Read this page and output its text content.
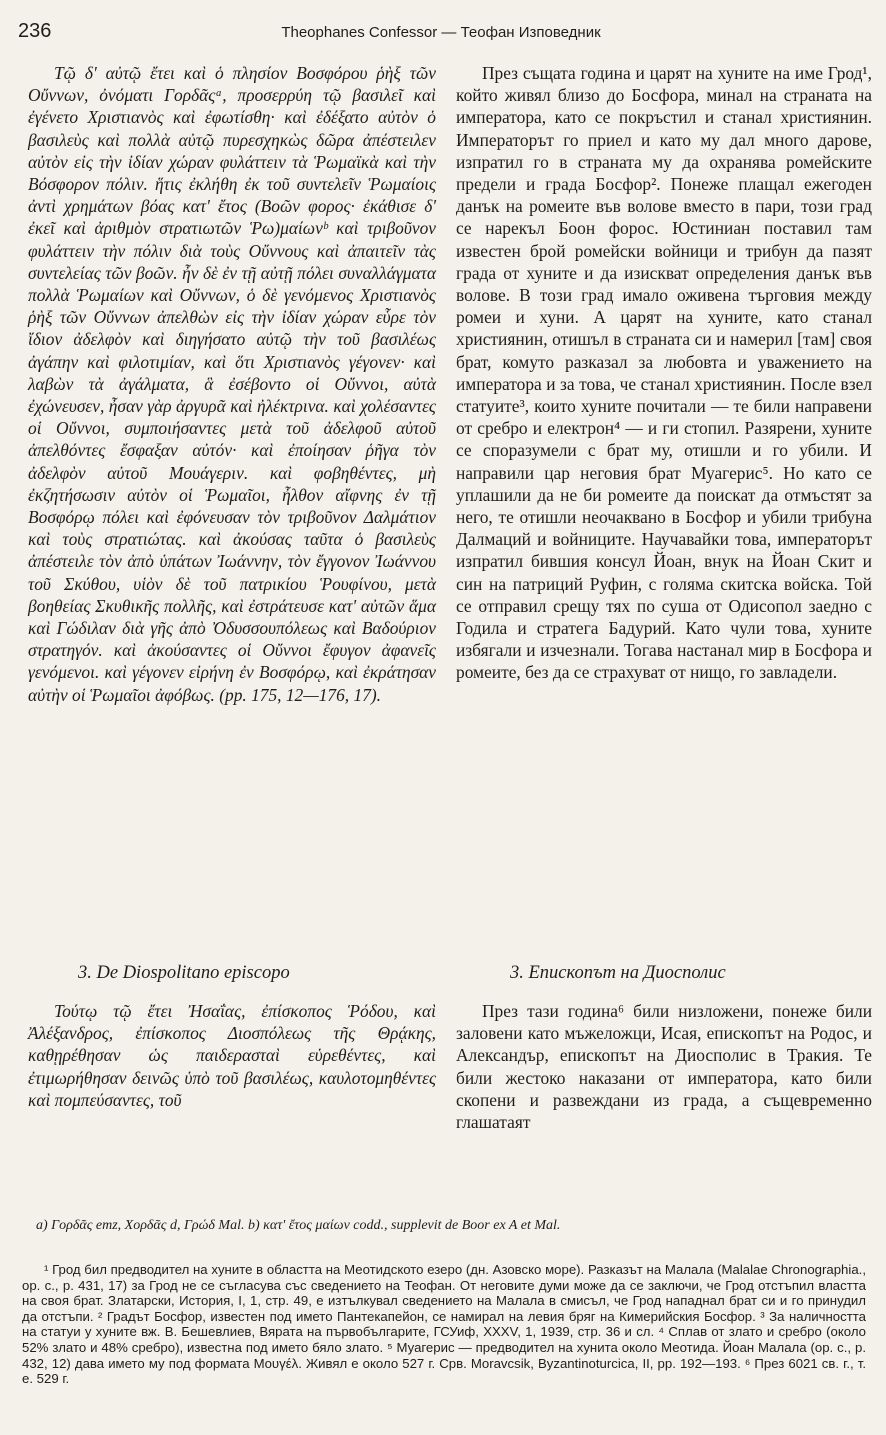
236	Theophanes Confessor — Теофан Изповедник

Τῷ δ' αὐτῷ ἔτει καὶ ὁ πλησίον Βοσφόρου ῥὴξ τῶν Οὔννων, ὀνόματι Γορδᾶςᵃ, προσερρύη τῷ βασιλεῖ καὶ ἐγένετο Χριστιανὸς καὶ ἐφωτίσθη· καὶ ἐδέξατο αὐτὸν ὁ βασιλεὺς καὶ πολλὰ αὐτῷ πυρεσχηκὼς δῶρα ἀπέστειλεν αὐτὸν εἰς τὴν ἰδίαν χώραν φυλάττειν τὰ Ῥωμαϊκὰ καὶ τὴν Βόσφορον πόλιν. ἥτις ἐκλήθη ἐκ τοῦ συντελεῖν Ῥωμαίοις ἀντὶ χρημάτων βόας κατ' ἔτος (Βοῶν φορος· ἐκάθισε δ' ἐκεῖ καὶ ἀριθμὸν στρατιωτῶν Ῥω)μαίωνᵇ καὶ τριβοῦνον φυλάττειν τὴν πόλιν διὰ τοὺς Οὔννους καὶ ἀπαιτεῖν τὰς συντελείας τῶν βοῶν. ἦν δὲ ἐν τῇ αὐτῇ πόλει συναλλάγματα πολλὰ Ῥωμαίων καὶ Οὔννων, ὁ δὲ γενόμενος Χριστιανὸς ῥὴξ τῶν Οὔννων ἀπελθὼν εἰς τὴν ἰδίαν χώραν εὗρε τὸν ἴδιον ἀδελφὸν καὶ διηγήσατο αὐτῷ τὴν τοῦ βασιλέως ἀγάπην καὶ φιλοτιμίαν, καὶ ὅτι Χριστιανὸς γέγονεν· καὶ λαβὼν τὰ ἀγάλματα, ἃ ἐσέβοντο οἱ Οὔννοι, αὐτὰ ἐχώνευσεν, ἦσαν γὰρ ἀργυρᾶ καὶ ἠλέκτρινα. καὶ χολέσαντες οἱ Οὔννοι, συμποιήσαντες μετὰ τοῦ ἀδελφοῦ αὐτοῦ ἀπελθόντες ἔσφαξαν αὐτόν· καὶ ἐποίησαν ῥῆγα τὸν ἀδελφὸν αὐτοῦ Μουάγεριν. καὶ φοβηθέντες, μὴ ἐκζητήσωσιν αὐτὸν οἱ Ῥωμαῖοι, ἦλθον αἴφνης ἐν τῇ Βοσφόρῳ πόλει καὶ ἐφόνευσαν τὸν τριβοῦνον Δαλμάτιον καὶ τοὺς στρατιώτας. καὶ ἀκούσας ταῦτα ὁ βασιλεὺς ἀπέστειλε τὸν ἀπὸ ὑπάτων Ἰωάννην, τὸν ἔγγονον Ἰωάννου τοῦ Σκύθου, υἱὸν δὲ τοῦ πατρικίου Ῥουφίνου, μετὰ βοηθείας Σκυθικῆς πολλῆς, καὶ ἐστράτευσε κατ' αὐτῶν ἅμα καὶ Γώδιλαν διὰ γῆς ἀπὸ Ὀδυσσουπόλεως καὶ Βαδούριον στρατηγόν. καὶ ἀκούσαντες οἱ Οὔννοι ἔφυγον ἀφανεῖς γενόμενοι. καὶ γέγονεν εἰρήνη ἐν Βοσφόρῳ, καὶ ἐκράτησαν αὐτὴν οἱ Ῥωμαῖοι ἀφόβως. (pp. 175, 12—176, 17).

През същата година и царят на хуните на име Грод¹, който живял близо до Босфора, минал на страната на императора, като се покръстил и станал християнин. Императорът го приел и като му дал много дарове, изпратил го в страната му да охранява ромейските предели и града Босфор². Понеже плащал ежегоден данък на ромеите във волове вместо в пари, този град се нарекъл Боон форос. Юстиниан поставил там известен брой ромейски войници и трибун да пазят града от хуните и да изискват определения данък във волове. В този град имало оживена търговия между ромеи и хуни. А царят на хуните, като станал християнин, отишъл в страната си и намерил [там] своя брат, комуто разказал за любовта и уважението на императора и за това, че станал християнин. После взел статуите³, които хуните почитали — те били направени от сребро и електрон⁴ — и ги стопил. Разярени, хуните се споразумели с брат му, отишли и го убили. И направили цар неговия брат Муагерис⁵. Но като се уплашили да не би ромеите да поискат да отмъстят за него, те отишли неочаквано в Босфор и убили трибуна Далмаций и войниците. Научавайки това, императорът изпратил бившия консул Йоан, внук на Йоан Скит и син на патриций Руфин, с голяма скитска войска. Той се отправил срещу тях по суша от Одисопол заедно с Годила и стратега Бадурий. Като чули това, хуните избягали и изчезнали. Тогава настанал мир в Босфора и ромеите, без да се страхуват от нищо, го завладели.

3. De Diospolitano episcopo	3. Епископът на Диосполис

Τούτῳ τῷ ἔτει Ἠσαΐας, ἐπίσκοπος Ῥόδου, καὶ Ἀλέξανδρος, ἐπίσκοπος Διοσπόλεως τῆς Θρᾴκης, καθῃρέθησαν ὡς παιδερασταὶ εὑρεθέντες, καὶ ἐτιμωρήθησαν δεινῶς ὑπὸ τοῦ βασιλέως, καυλοτομηθέντες καὶ πομπεύσαντες, τοῦ

През тази година⁶ били низложени, понеже били заловени като мъжеложци, Исая, епископът на Родос, и Александър, епископът на Диосполис в Тракия. Те били жестоко наказани от императора, като били скопени и развеждани из града, а същевременно глашатаят

a) Γορδᾶς emz, Χορδᾶς d, Γρώδ Mal. b) κατ' ἔτος μαίων codd., supplevit de Boor ex A et Mal.

¹ Грод бил предводител на хуните в областта на Меотидското езеро (дн. Азовско море). Разказът на Малала (Malalae Chronographia., op. c., p. 431, 17) за Грод не се съгласува със сведението на Теофан. От неговите думи може да се заключи, че Грод отстъпил властта на своя брат. Златарски, История, I, 1, стр. 49, е изтълкувал сведението на Малала в смисъл, че Грод нападнал брат си и го принудил да отстъпи. ² Градът Босфор, известен под името Пантекапейон, се намирал на левия бряг на Кимерийския Босфор. ³ За наличността на статуи у хуните вж. В. Бешевлиев, Вярата на първобългарите, ГСУиф, XXXV, 1, 1939, стр. 36 и сл. ⁴ Сплав от злато и сребро (около 52% злато и 48% сребро), известна под името бяло злато. ⁵ Муагерис — предводител на хунита около Меотида. Йоан Малала (op. c., p. 432, 12) дава името му под формата Μουγέλ. Живял е около 527 г. Срв. Moravcsik, Byzantinoturcica, II, pp. 192—193. ⁶ През 6021 св. г., т. е. 529 г.
